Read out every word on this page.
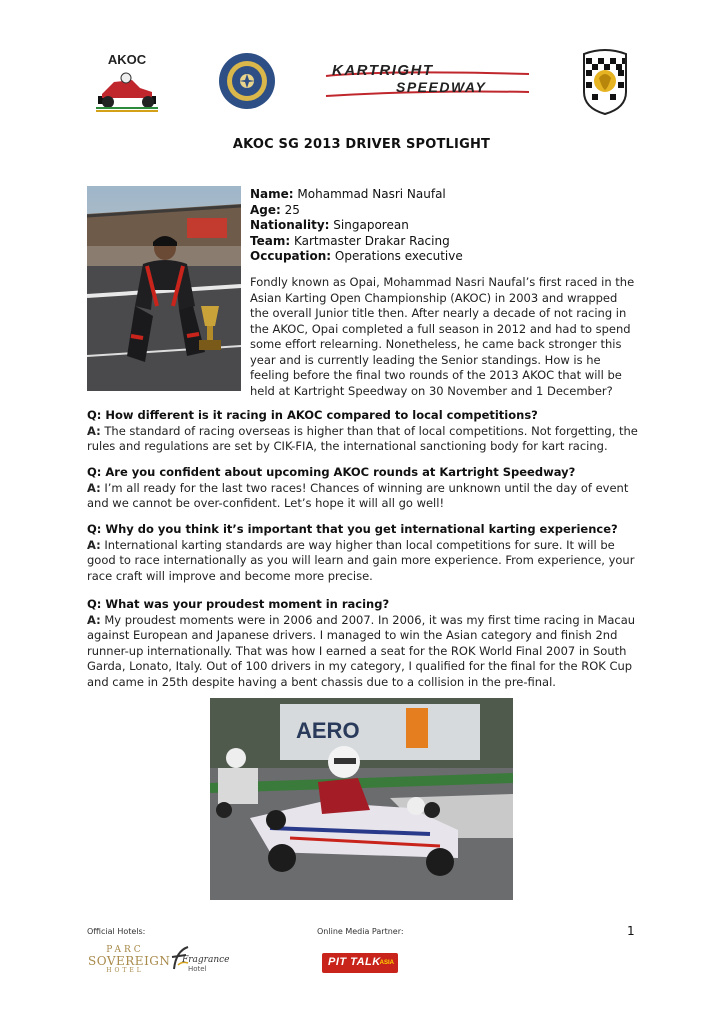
AKOC
KARTRIGHT
SPEEDWAY
AKOC SG 2013 DRIVER SPOTLIGHT
Name: Mohammad Nasri Naufal
Age: 25
Nationality: Singaporean
Team: Kartmaster Drakar Racing
Occupation: Operations executive
Fondly known as Opai, Mohammad Nasri Naufal’s first raced in the Asian Karting Open Championship (AKOC) in 2003 and wrapped the overall Junior title then. After nearly a decade of not racing in the AKOC, Opai completed a full season in 2012 and had to spend some effort relearning. Nonetheless, he came back stronger this year and is currently leading the Senior standings. How is he feeling before the final two rounds of the 2013 AKOC that will be held at Kartright Speedway on 30 November and 1 December?
Q: How different is it racing in AKOC compared to local competitions?
A: The standard of racing overseas is higher than that of local competitions. Not forgetting, the rules and regulations are set by CIK-FIA, the international sanctioning body for kart racing.
Q: Are you confident about upcoming AKOC rounds at Kartright Speedway?
A: I’m all ready for the last two races! Chances of winning are unknown until the day of event and we cannot be over-confident. Let’s hope it will all go well!
Q: Why do you think it’s important that you get international karting experience?
A: International karting standards are way higher than local competitions for sure. It will be good to race internationally as you will learn and gain more experience. From experience, your race craft will improve and become more precise.
Q: What was your proudest moment in racing?
A: My proudest moments were in 2006 and 2007. In 2006, it was my first time racing in Macau against European and Japanese drivers. I managed to win the Asian category and finish 2nd runner-up internationally. That was how I earned a seat for the ROK World Final 2007 in South Garda, Lonato, Italy. Out of 100 drivers in my category, I qualified for the final for the ROK Cup and came in 25th despite having a bent chassis due to a collision in the pre-final.
AERO
Official Hotels:	Online Media Partner:	1
PARC
SOVEREIGN
HOTEL
Fragrance
Hotel
PIT TALK
ASIA
